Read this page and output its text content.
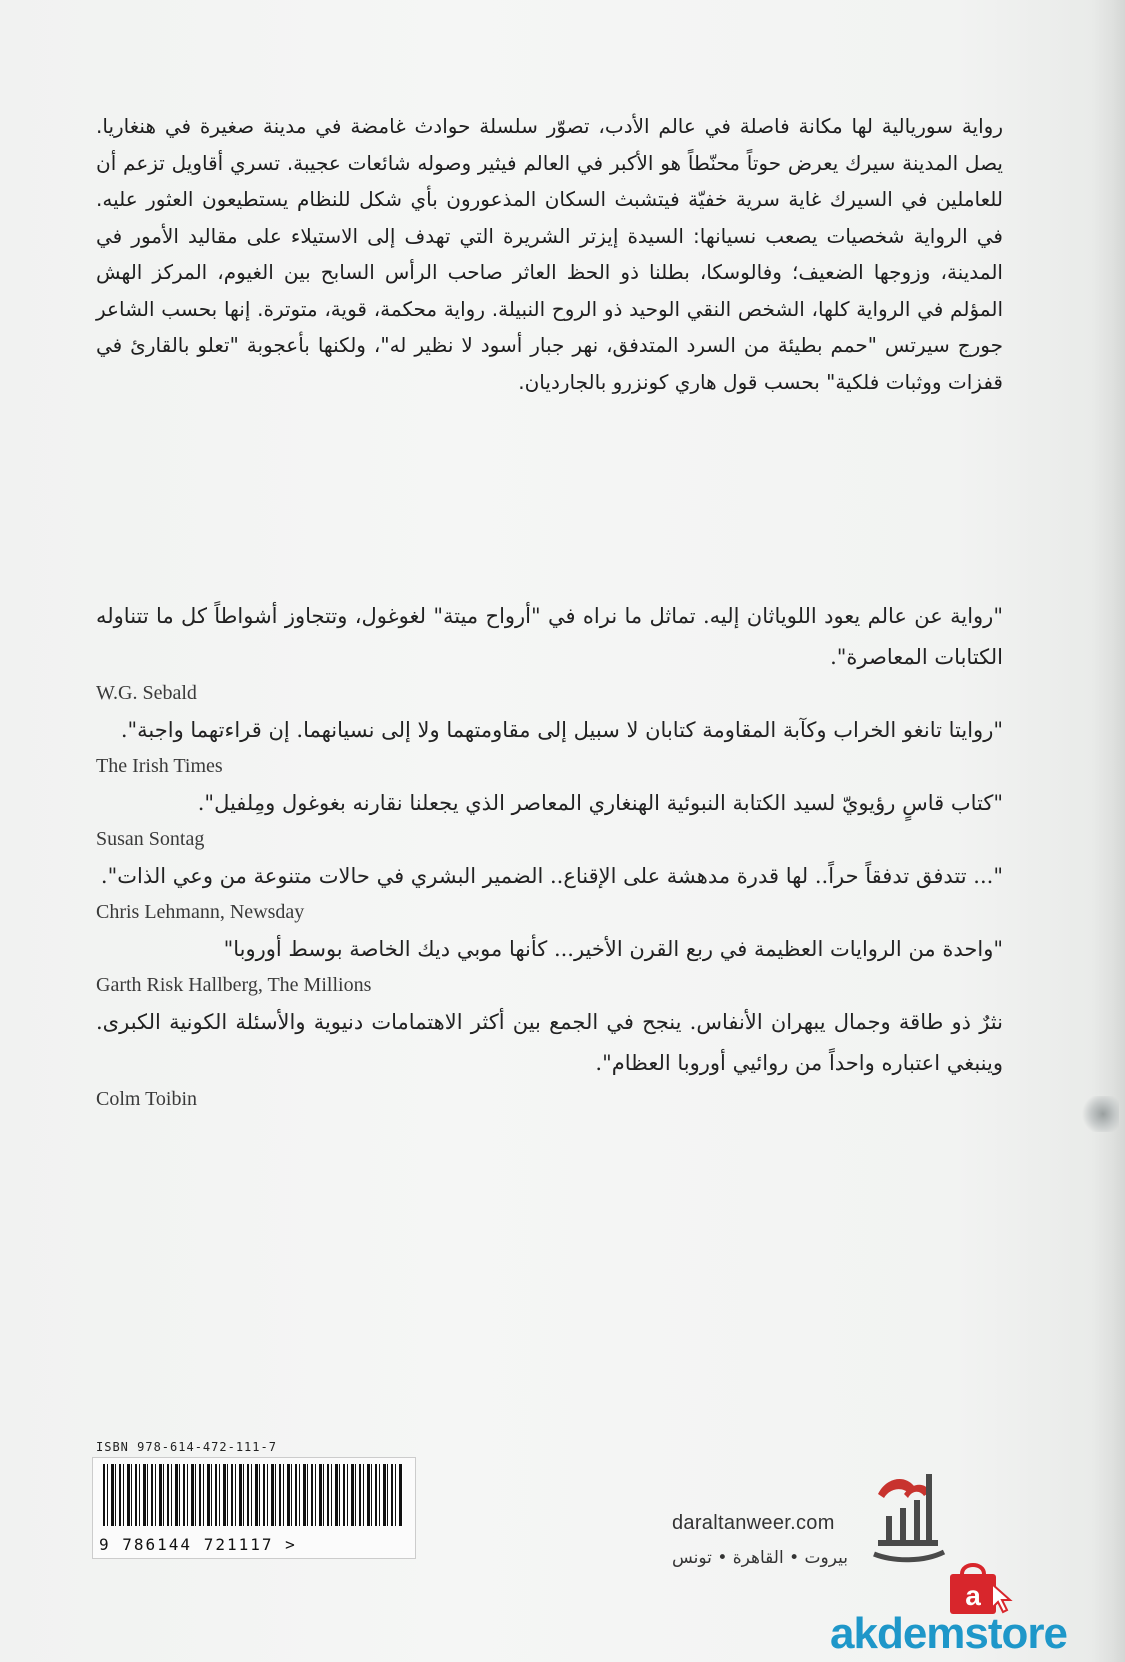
رواية سوريالية لها مكانة فاصلة في عالم الأدب، تصوّر سلسلة حوادث غامضة في مدينة صغيرة في هنغاريا. يصل المدينة سيرك يعرض حوتاً محنّطاً هو الأكبر في العالم فيثير وصوله شائعات عجيبة. تسري أقاويل تزعم أن للعاملين في السيرك غاية سرية خفيّة فيتشبث السكان المذعورون بأي شكل للنظام يستطيعون العثور عليه. في الرواية شخصيات يصعب نسيانها: السيدة إيزتر الشريرة التي تهدف إلى الاستيلاء على مقاليد الأمور في المدينة، وزوجها الضعيف؛ وفالوسكا، بطلنا ذو الحظ العاثر صاحب الرأس السابح بين الغيوم، المركز الهش المؤلم في الرواية كلها، الشخص النقي الوحيد ذو الروح النبيلة. رواية محكمة، قوية، متوترة. إنها بحسب الشاعر جورج سيرتس "حمم بطيئة من السرد المتدفق، نهر جبار أسود لا نظير له"، ولكنها بأعجوبة "تعلو بالقارئ في قفزات ووثبات فلكية" بحسب قول هاري كونزرو بالجارديان.

"رواية عن عالم يعود اللوياثان إليه. تماثل ما نراه في "أرواح ميتة" لغوغول، وتتجاوز أشواطاً كل ما تتناوله الكتابات المعاصرة".

W.G. Sebald

"روايتا تانغو الخراب وكآبة المقاومة كتابان لا سبيل إلى مقاومتهما ولا إلى نسيانهما. إن قراءتهما واجبة".

The Irish Times

"كتاب قاسٍ رؤيويّ لسيد الكتابة النبوئية الهنغاري المعاصر الذي يجعلنا نقارنه بغوغول ومِلفيل".

Susan Sontag

"... تتدفق تدفقاً حراً.. لها قدرة مدهشة على الإقناع.. الضمير البشري في حالات متنوعة من وعي الذات".

Chris Lehmann, Newsday

"واحدة من الروايات العظيمة في ربع القرن الأخير... كأنها موبي ديك الخاصة بوسط أوروبا"

Garth Risk Hallberg, The Millions

نثرٌ ذو طاقة وجمال يبهران الأنفاس. ينجح في الجمع بين أكثر الاهتمامات دنيوية والأسئلة الكونية الكبرى. وينبغي اعتباره واحداً من روائيي أوروبا العظام".

Colm Toibin

ISBN 978-614-472-111-7
9 786144 721117 >
daraltanweer.com
بيروت • القاهرة • تونس
a
akdemstore
